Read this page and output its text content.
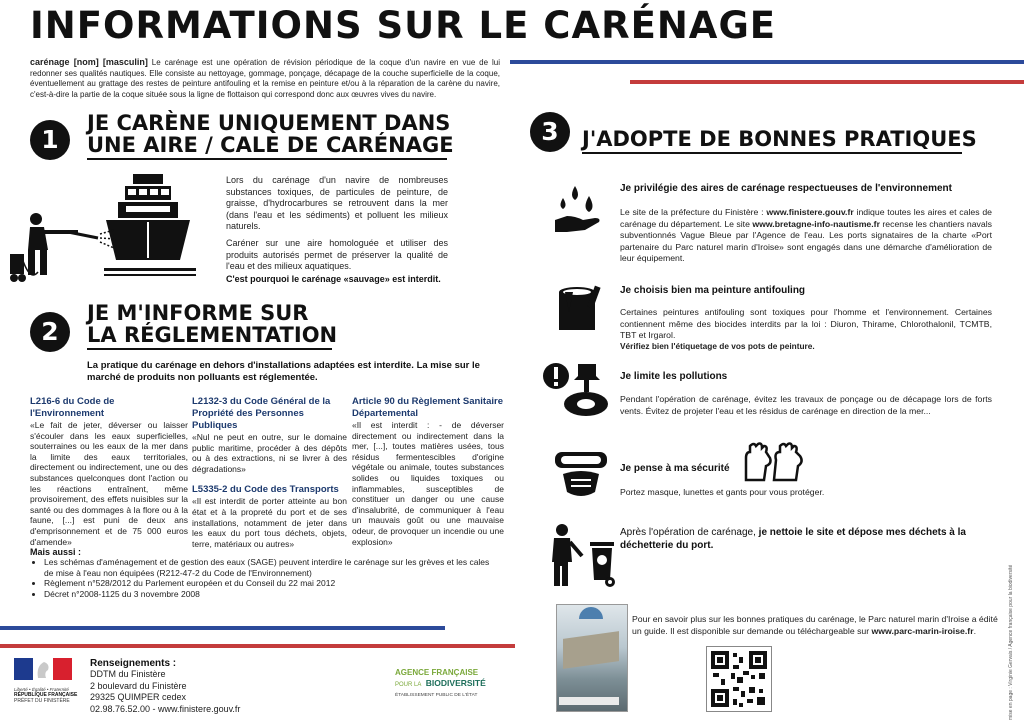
INFORMATIONS SUR LE CARÉNAGE
carénage [nom] [masculin] Le carénage est une opération de révision périodique de la coque d'un navire en vue de lui redonner ses qualités nautiques. Elle consiste au nettoyage, gommage, ponçage, décapage de la couche superficielle de la coque, éventuellement au grattage des restes de peinture antifouling et la remise en peinture et/ou à la réparation de la carène du navire, c'est-à-dire la partie de la coque située sous la ligne de flottaison qui correspond donc aux œuvres vives du navire.
1
JE CARÈNE UNIQUEMENT DANS
UNE AIRE / CALE DE CARÉNAGE
Lors du carénage d'un navire de nombreuses substances toxiques, de particules de peinture, de graisse, d'hydrocarbures se retrouvent dans la mer (dans l'eau et les sédiments) et polluent les milieux naturels.
Caréner sur une aire homologuée et utiliser des produits autorisés permet de préserver la qualité de l'eau et des milieux aquatiques.
C'est pourquoi le carénage «sauvage» est interdit.
2
JE M'INFORME SUR
LA RÉGLEMENTATION
La pratique du carénage en dehors d'installations adaptées est interdite. La mise sur le marché de produits non polluants est réglementée.
L216-6 du Code de l'Environnement
«Le fait de jeter, déverser ou laisser s'écouler dans les eaux superficielles, souterraines ou les eaux de la mer dans la limite des eaux territoriales, directement ou indirectement, une ou des substances quelconques dont l'action ou les réactions entraînent, même provisoirement, des effets nuisibles sur la santé ou des dommages à la flore ou à la faune, [...] est puni de deux ans d'emprisonnement et de 75 000 euros d'amende»
L2132-3 du Code Général de la Propriété des Personnes Publiques
«Nul ne peut en outre, sur le domaine public maritime, procéder à des dépôts ou à des extractions, ni se livrer à des dégradations»
L5335-2 du Code des Transports
«Il est interdit de porter atteinte au bon état et à la propreté du port et de ses installations, notamment de jeter dans les eaux du port tous déchets, objets, terre, matériaux ou autres»
Article 90 du Règlement Sanitaire Départemental
«Il est interdit : - de déverser directement ou indirectement dans la mer, [...], toutes matières usées, tous résidus fermentescibles d'origine végétale ou animale, toutes substances solides ou liquides toxiques ou inflammables, susceptibles de constituer un danger ou une cause d'insalubrité, de communiquer à l'eau un mauvais goût ou une mauvaise odeur, de provoquer un incendie ou une explosion»
Mais aussi :
• Les schémas d'aménagement et de gestion des eaux (SAGE) peuvent interdire le carénage sur les grèves et les cales de mise à l'eau non équipées (R212-47-2 du Code de l'Environnement)
• Règlement n°528/2012 du Parlement européen et du Conseil du 22 mai 2012
• Décret n°2008-1125 du 3 novembre 2008
Liberté • Égalité • Fraternité
RÉPUBLIQUE FRANÇAISE
PRÉFET DU FINISTÈRE
Renseignements :
DDTM du Finistère
2 boulevard du Finistère
29325 QUIMPER cedex
02.98.76.52.00 - www.finistere.gouv.fr
AGENCE FRANÇAISE
POUR LA BIODIVERSITÉ
ÉTABLISSEMENT PUBLIC DE L'ÉTAT
3	J'ADOPTE DE BONNES PRATIQUES
Je privilégie des aires de carénage respectueuses de l'environnement
Le site de la préfecture du Finistère : www.finistere.gouv.fr indique toutes les aires et cales de carénage du département. Le site www.bretagne-info-nautisme.fr recense les chantiers navals subventionnés Vague Bleue par l'Agence de l'eau. Les ports signataires de la charte «Port partenaire du Parc naturel marin d'Iroise» sont engagés dans une démarche d'amélioration de leur équipement.
Je choisis bien ma peinture antifouling
Certaines peintures antifouling sont toxiques pour l'homme et l'environnement. Certaines contiennent même des biocides interdits par la loi : Diuron, Thirame, Chlorothalonil, TCMTB, TBT et Irgarol.
Vérifiez bien l'étiquetage de vos pots de peinture.
Je limite les pollutions
Pendant l'opération de carénage, évitez les travaux de ponçage ou de décapage lors de forts vents. Évitez de projeter l'eau et les résidus de carénage en direction de la mer...
Je pense à ma sécurité
Portez masque, lunettes et gants pour vous protéger.
Après l'opération de carénage, je nettoie le site et dépose mes déchets à la déchetterie du port.
Pour en savoir plus sur les bonnes pratiques du carénage, le Parc naturel marin d'Iroise a édité un guide. Il est disponible sur demande ou téléchargeable sur www.parc-marin-iroise.fr.	mise en page : Virginie Gervais / Agence française pour la biodiversité
